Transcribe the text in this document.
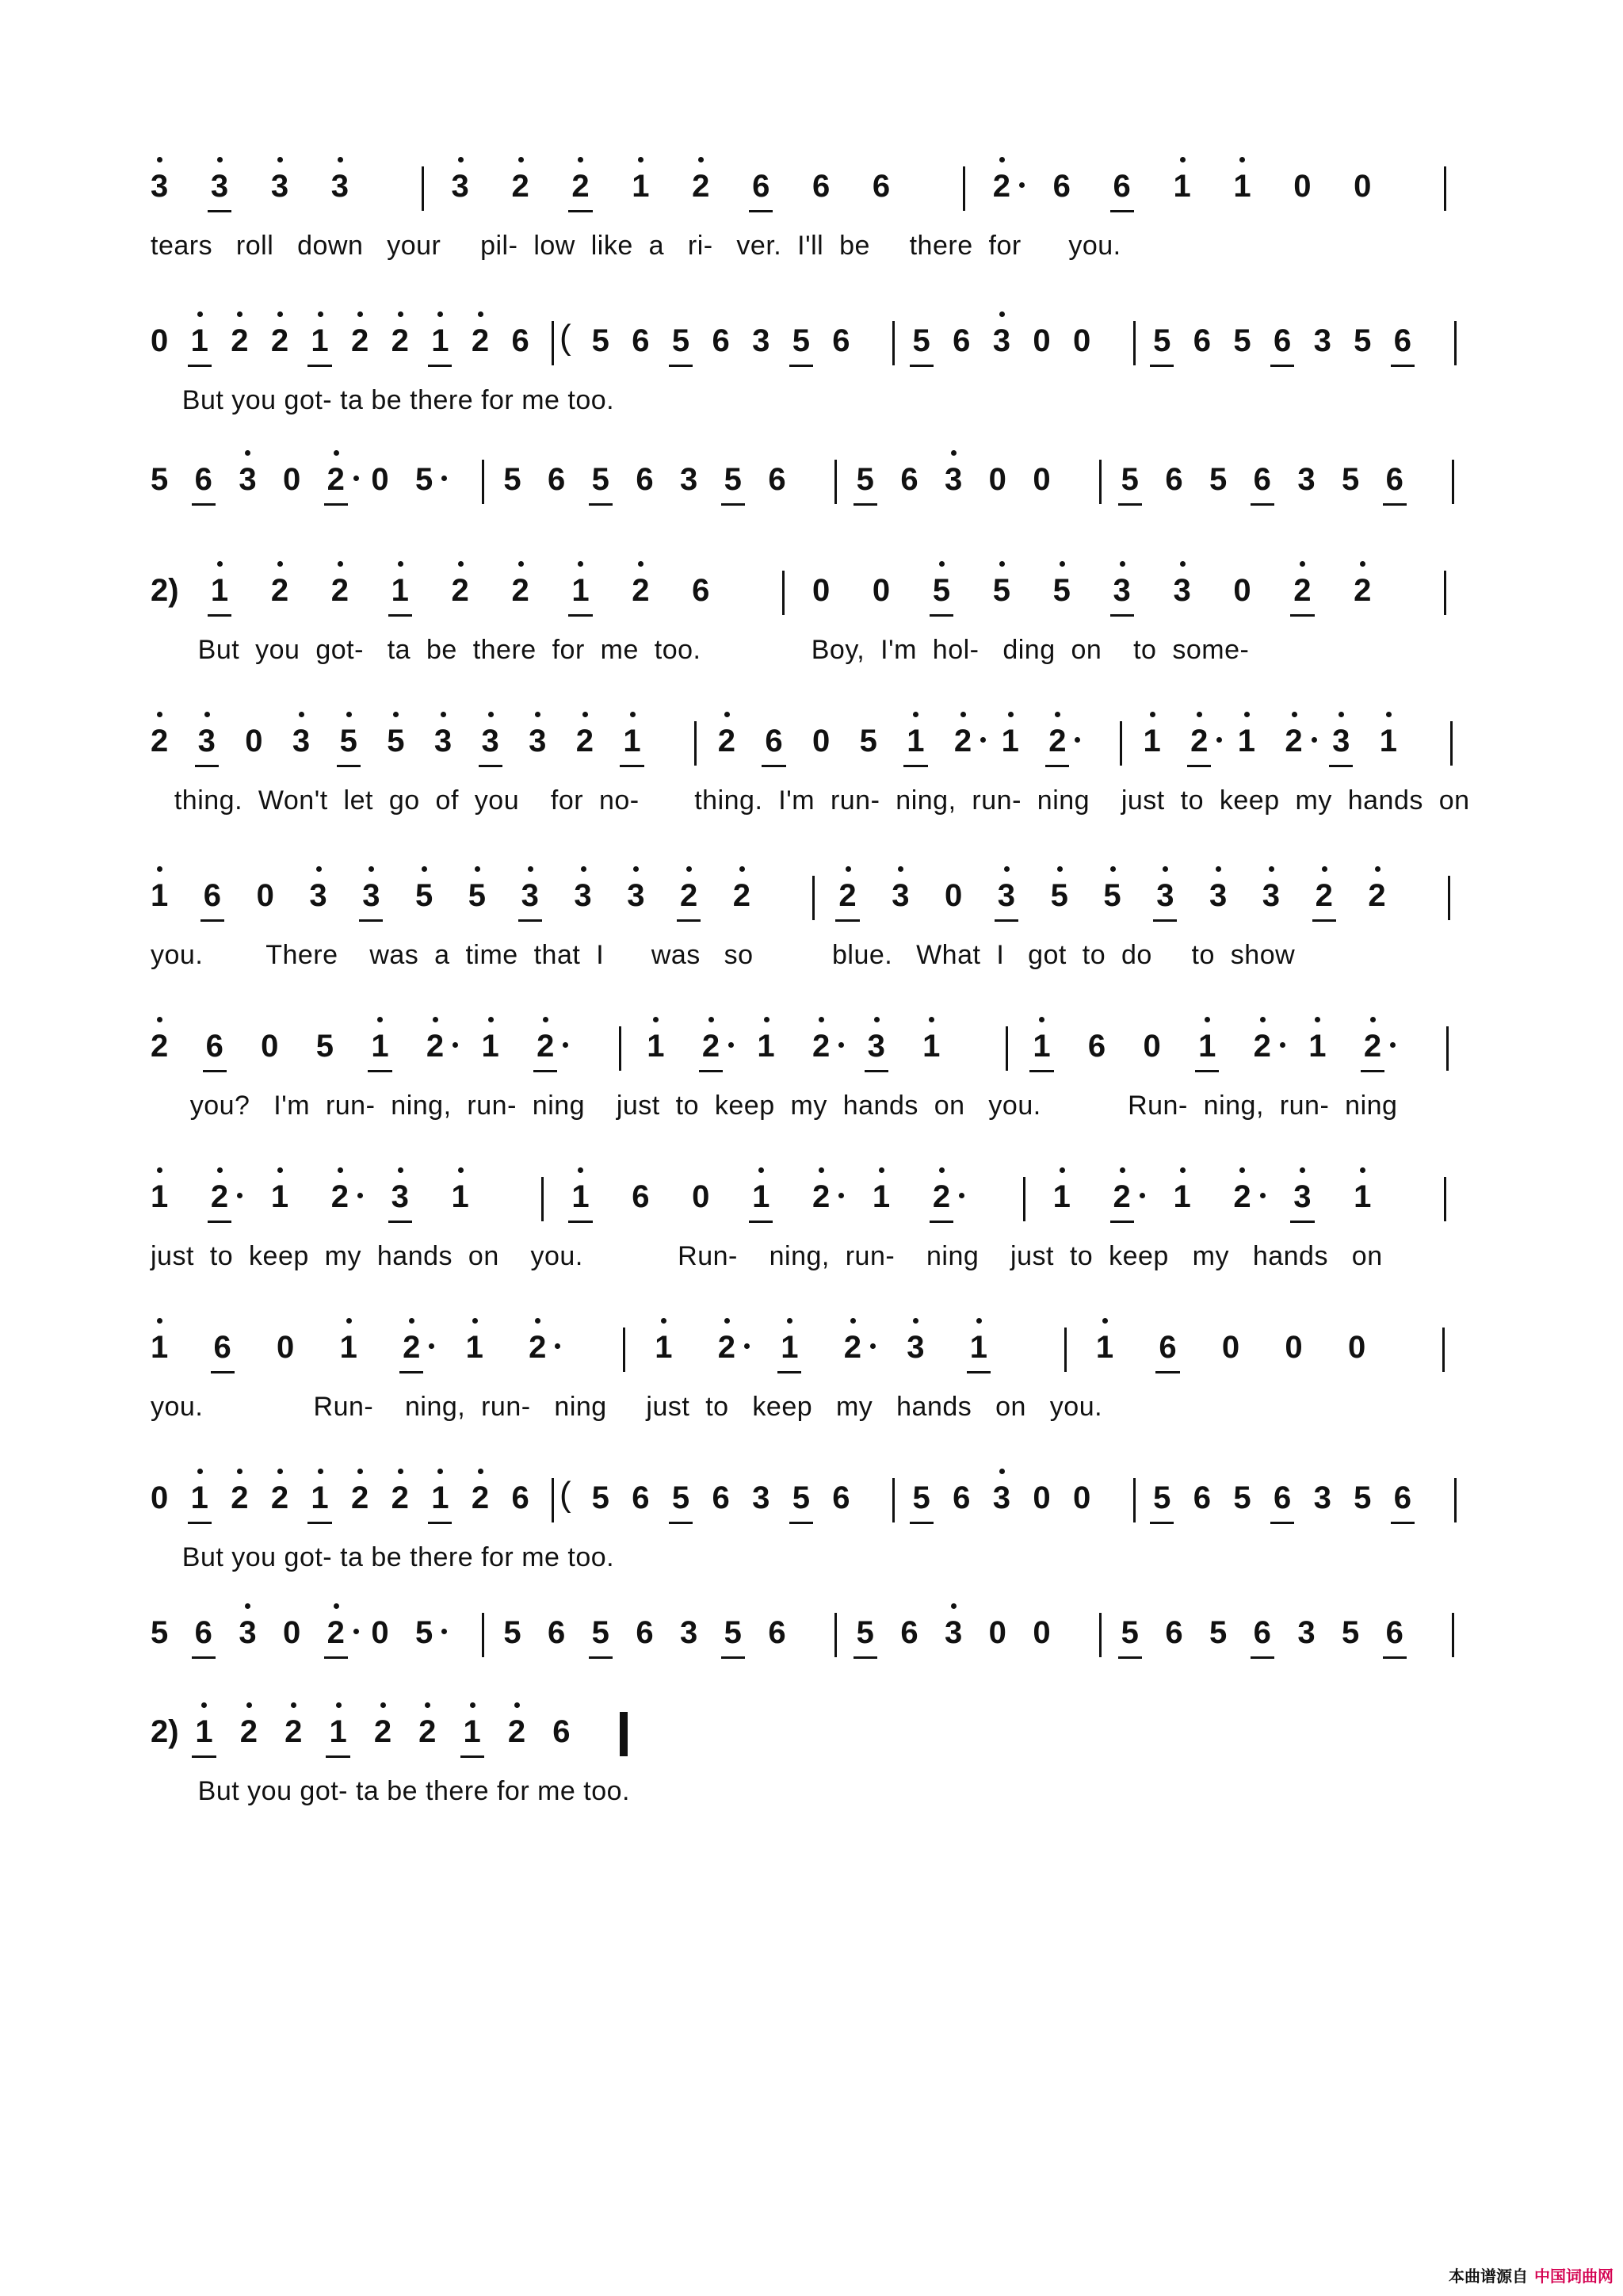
3 3 3 3	3 2 2 1 2 6 6 6	2 6 6 1 1 0 0
tears   roll   down   your     pil-  low  like  a   ri-   ver.  I'll  be     there  for      you.
0 1 2 2 1 2 2 1 2 6 ( 5 6 5 6 3 5 6 5 6 3 0 0 5 6 5 6 3 5 6
But you got- ta be there for me too.
5 6 3 0 2 0 5 5 6 5 6 3 5 6 5 6 3 0 0 5 6 5 6 3 5 6
2) 1 2 2 1 2 2 1 2 6	0 0 5 5 5 3 3 0 2 2
But  you  got-   ta  be  there  for  me  too.              Boy,  I'm  hol-   ding  on    to  some-
2 3 0 3 5 5 3 3 3 2 1 2 6 0 5 1 2 1 2 1 2 1 2 3 1
thing.  Won't  let  go  of  you    for  no-       thing.  I'm  run-  ning,  run-  ning    just  to  keep  my  hands  on
1 6 0 3 3 5 5 3 3 3 2 2	2 3 0 3 5 5 3 3 3 2 2
you.        There    was  a  time  that  I      was   so          blue.   What  I   got  to  do     to  show
2 6 0 5 1 2 1 2	1 2 1 2 3 1	1 6 0 1 2 1 2
you?   I'm  run-  ning,  run-  ning    just  to  keep  my  hands  on   you.           Run-  ning,  run-  ning
1 2 1 2 3 1	1 6 0 1 2 1 2	1 2 1 2 3 1
just  to  keep  my  hands  on    you.            Run-    ning,  run-    ning    just  to  keep   my   hands   on
1 6 0 1 2 1 2	1 2 1 2 3 1	1 6 0 0 0
you.              Run-    ning,  run-   ning     just  to   keep   my   hands   on   you.
0 1 2 2 1 2 2 1 2 6 ( 5 6 5 6 3 5 6 5 6 3 0 0 5 6 5 6 3 5 6
But you got- ta be there for me too.
5 6 3 0 2 0 5 5 6 5 6 3 5 6 5 6 3 0 0 5 6 5 6 3 5 6
2) 1 2 2 1 2 2 1 2 6
But you got- ta be there for me too.
本曲谱源自 中国词曲网
